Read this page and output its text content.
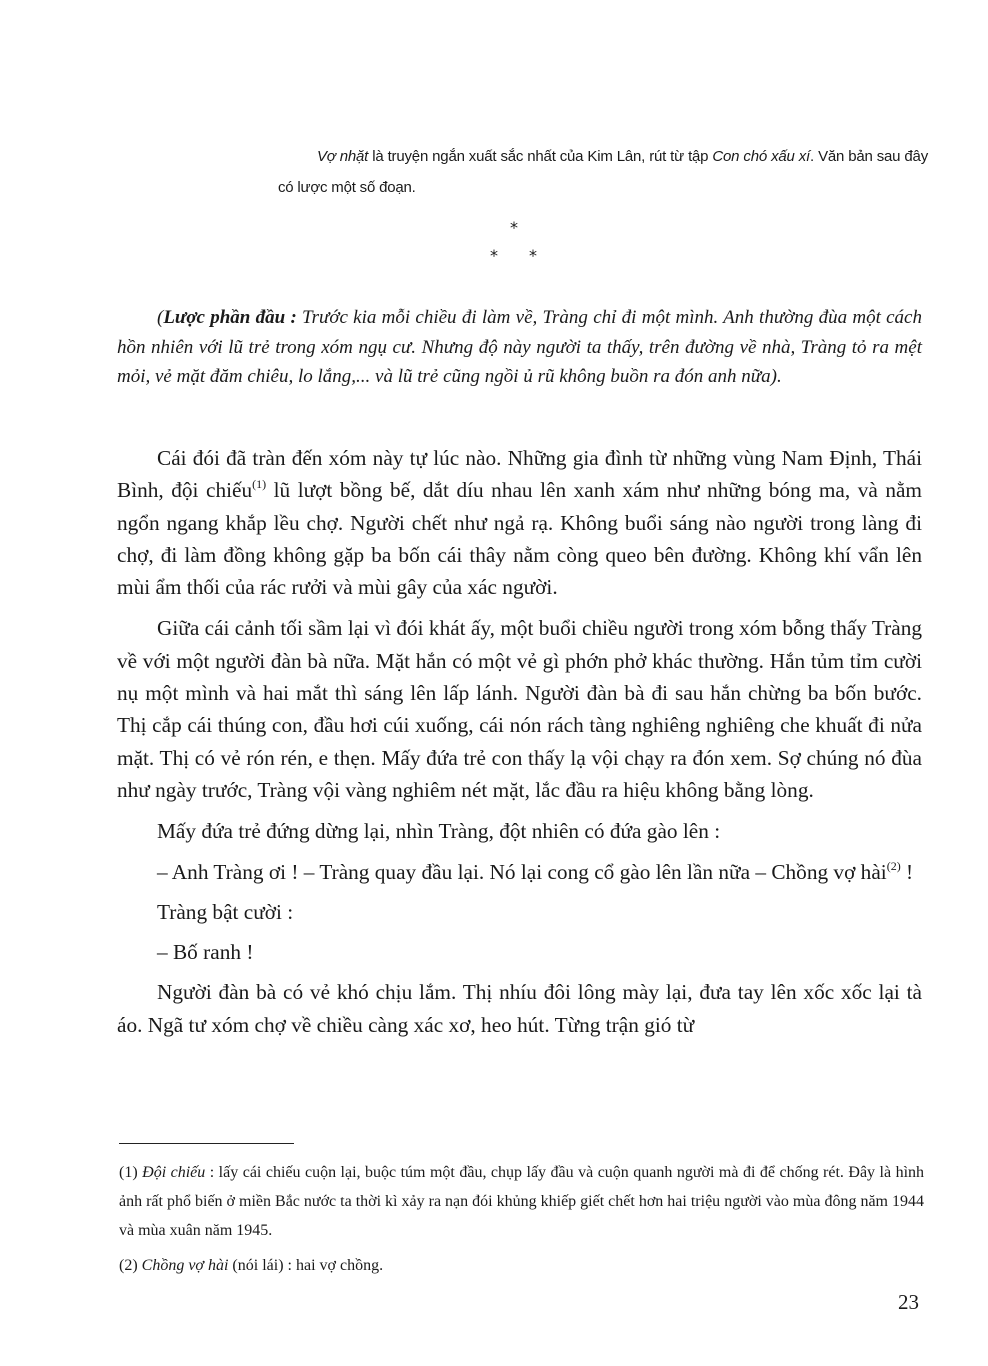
Vợ nhặt là truyện ngắn xuất sắc nhất của Kim Lân, rút từ tập Con chó xấu xí. Văn bản sau đây có lược một số đoạn.
*
* *
(Lược phần đầu : Trước kia mỗi chiều đi làm về, Tràng chỉ đi một mình. Anh thường đùa một cách hồn nhiên với lũ trẻ trong xóm ngụ cư. Nhưng độ này người ta thấy, trên đường về nhà, Tràng tỏ ra mệt mỏi, vẻ mặt đăm chiêu, lo lắng,... và lũ trẻ cũng ngồi ủ rũ không buồn ra đón anh nữa).

Cái đói đã tràn đến xóm này tự lúc nào. Những gia đình từ những vùng Nam Định, Thái Bình, đội chiếu$^{(1)}$ lũ lượt bồng bế, dắt díu nhau lên xanh xám như những bóng ma, và nằm ngổn ngang khắp lều chợ. Người chết như ngả rạ. Không buổi sáng nào người trong làng đi chợ, đi làm đồng không gặp ba bốn cái thây nằm còng queo bên đường. Không khí vẩn lên mùi ẩm thối của rác rưởi và mùi gây của xác người.

Giữa cái cảnh tối sầm lại vì đói khát ấy, một buổi chiều người trong xóm bỗng thấy Tràng về với một người đàn bà nữa. Mặt hắn có một vẻ gì phớn phở khác thường. Hắn tủm tỉm cười nụ một mình và hai mắt thì sáng lên lấp lánh. Người đàn bà đi sau hắn chừng ba bốn bước. Thị cắp cái thúng con, đầu hơi cúi xuống, cái nón rách tàng nghiêng nghiêng che khuất đi nửa mặt. Thị có vẻ rón rén, e thẹn. Mấy đứa trẻ con thấy lạ vội chạy ra đón xem. Sợ chúng nó đùa như ngày trước, Tràng vội vàng nghiêm nét mặt, lắc đầu ra hiệu không bằng lòng.

Mấy đứa trẻ đứng dừng lại, nhìn Tràng, đột nhiên có đứa gào lên :

– Anh Tràng ơi ! – Tràng quay đầu lại. Nó lại cong cổ gào lên lần nữa – Chồng vợ hài$^{(2)}$ !

Tràng bật cười :

– Bố ranh !

Người đàn bà có vẻ khó chịu lắm. Thị nhíu đôi lông mày lại, đưa tay lên xốc xốc lại tà áo. Ngã tư xóm chợ về chiều càng xác xơ, heo hút. Từng trận gió từ

(1) Đội chiếu : lấy cái chiếu cuộn lại, buộc túm một đầu, chụp lấy đầu và cuộn quanh người mà đi để chống rét. Đây là hình ảnh rất phổ biến ở miền Bắc nước ta thời kì xảy ra nạn đói khủng khiếp giết chết hơn hai triệu người vào mùa đông năm 1944 và mùa xuân năm 1945.
(2) Chồng vợ hài (nói lái) : hai vợ chồng.
23
